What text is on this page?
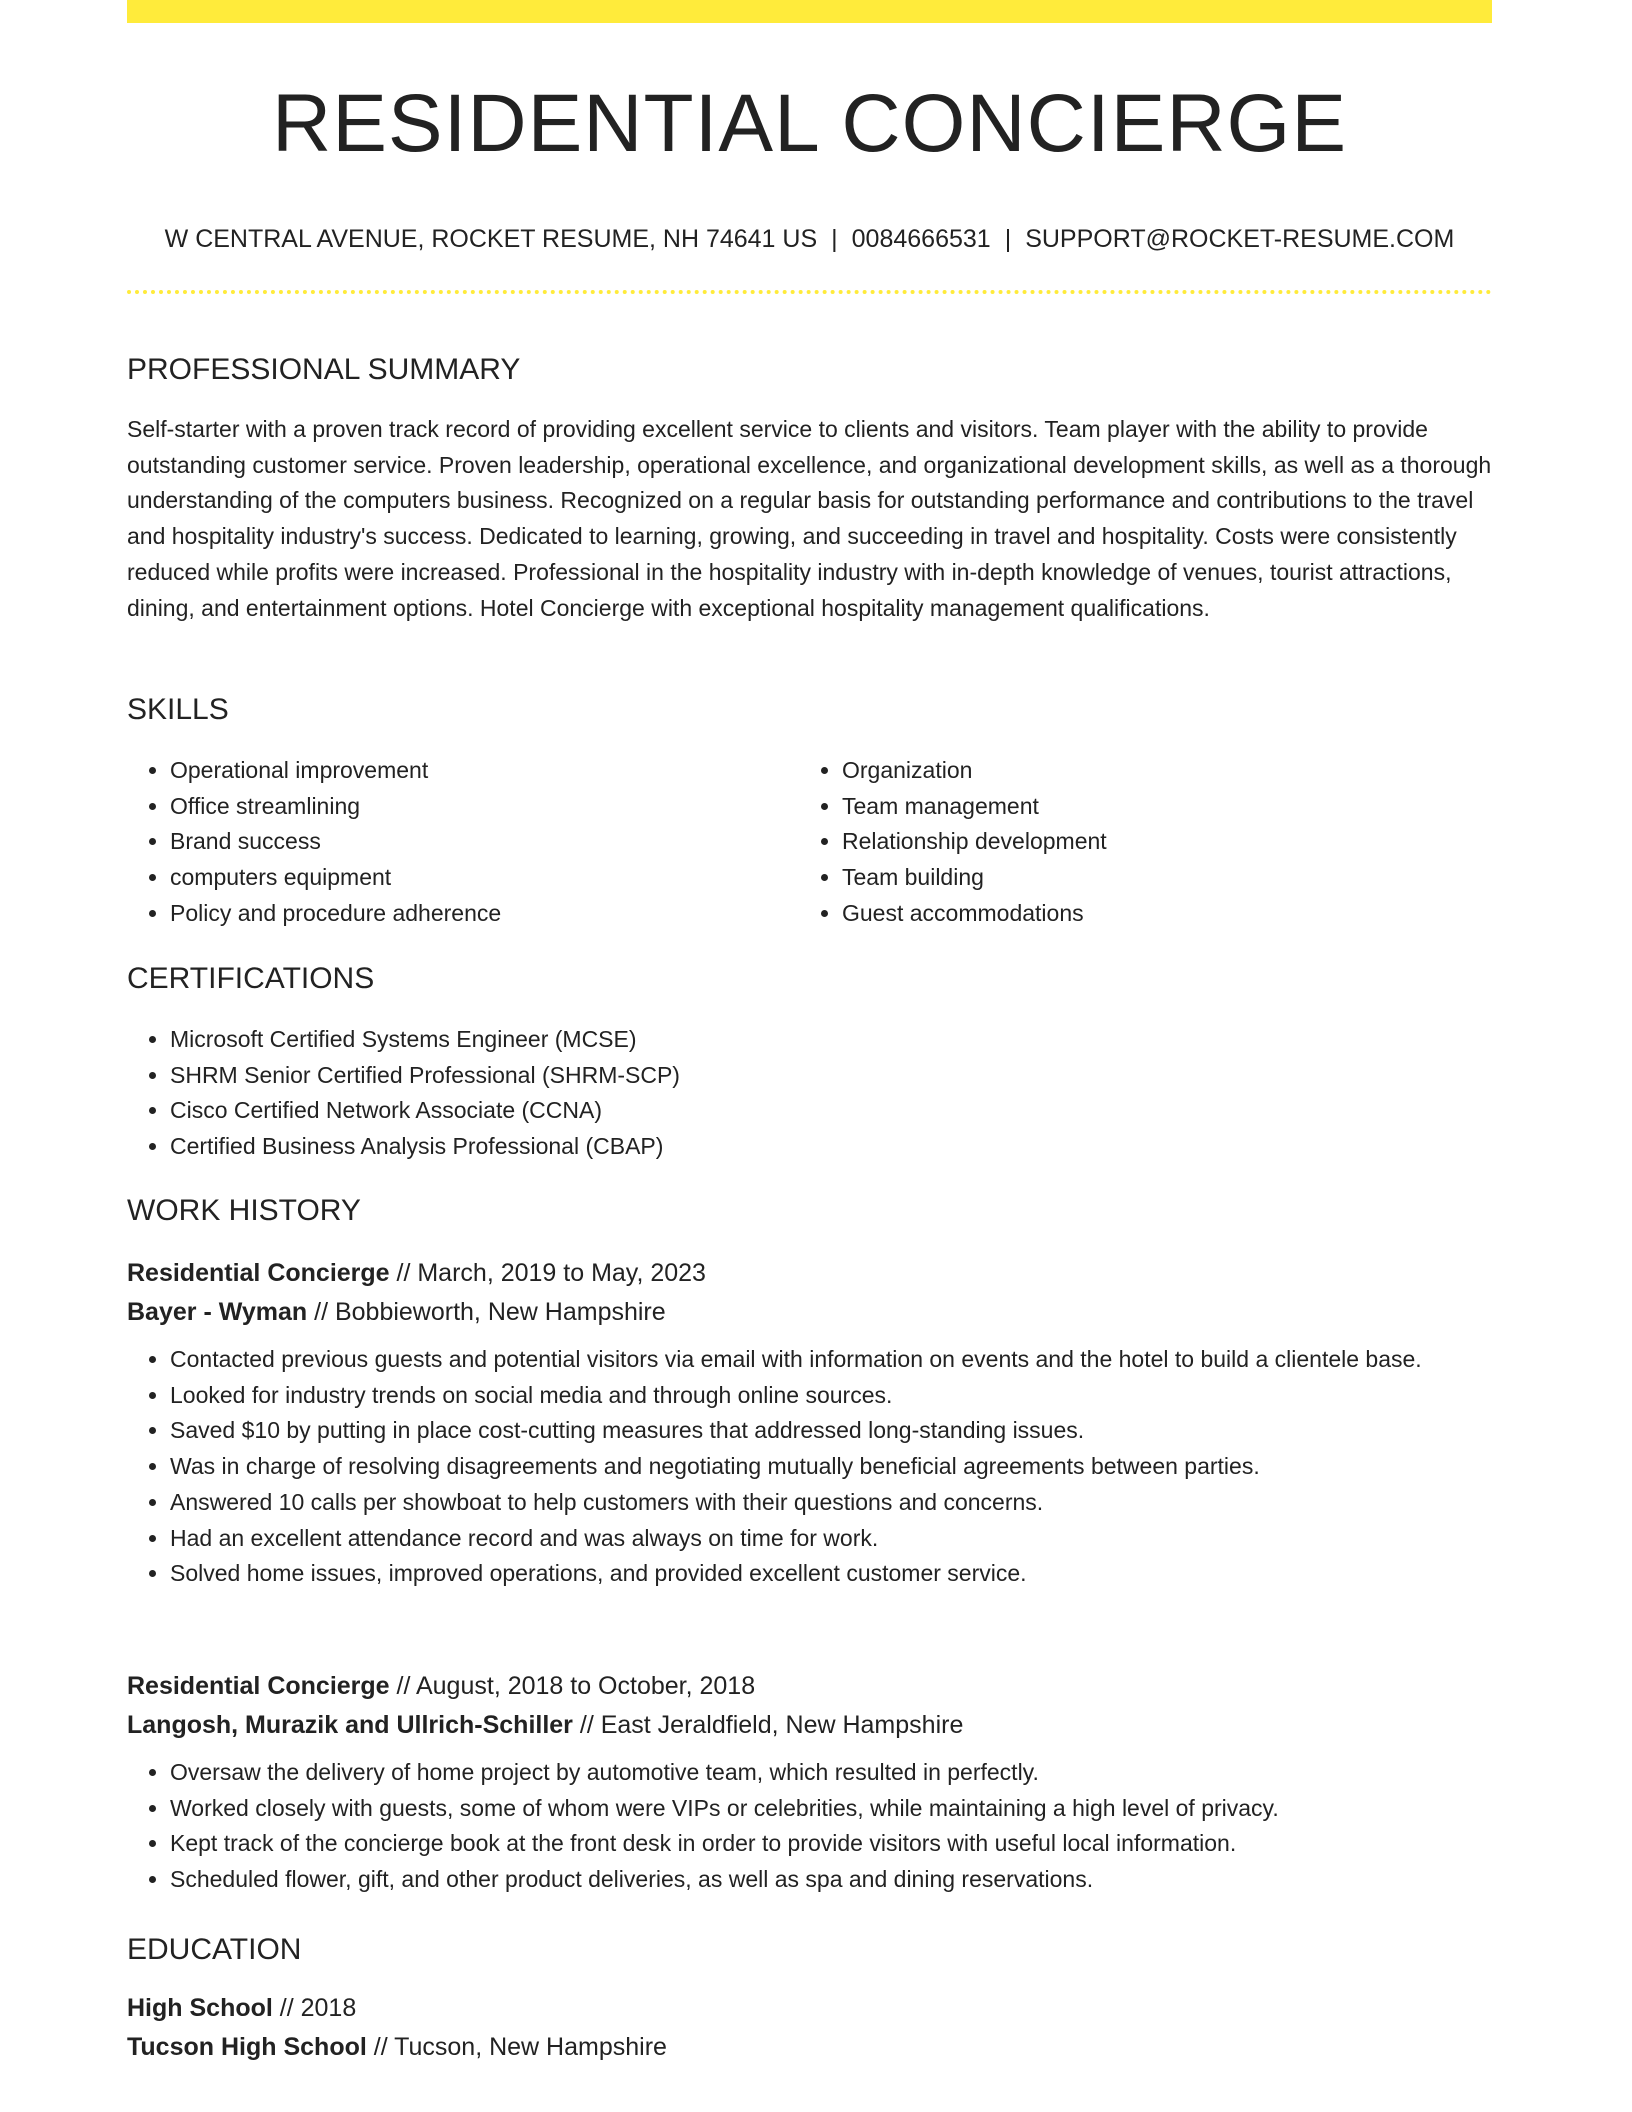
RESIDENTIAL CONCIERGE
W CENTRAL AVENUE, ROCKET RESUME, NH 74641 US | 0084666531 | SUPPORT@ROCKET-RESUME.COM
PROFESSIONAL SUMMARY

Self-starter with a proven track record of providing excellent service to clients and visitors. Team player with the ability to provide outstanding customer service. Proven leadership, operational excellence, and organizational development skills, as well as a thorough understanding of the computers business. Recognized on a regular basis for outstanding performance and contributions to the travel and hospitality industry's success. Dedicated to learning, growing, and succeeding in travel and hospitality. Costs were consistently reduced while profits were increased. Professional in the hospitality industry with in-depth knowledge of venues, tourist attractions, dining, and entertainment options. Hotel Concierge with exceptional hospitality management qualifications.

SKILLS
• Operational improvement
• Office streamlining
• Brand success
• computers equipment
• Policy and procedure adherence
• Organization
• Team management
• Relationship development
• Team building
• Guest accommodations
CERTIFICATIONS
• Microsoft Certified Systems Engineer (MCSE)
• SHRM Senior Certified Professional (SHRM-SCP)
• Cisco Certified Network Associate (CCNA)
• Certified Business Analysis Professional (CBAP)
WORK HISTORY

Residential Concierge // March, 2019 to May, 2023

Bayer - Wyman // Bobbieworth, New Hampshire

• Contacted previous guests and potential visitors via email with information on events and the hotel to build a clientele base.
• Looked for industry trends on social media and through online sources.
• Saved $10 by putting in place cost-cutting measures that addressed long-standing issues.
• Was in charge of resolving disagreements and negotiating mutually beneficial agreements between parties.
• Answered 10 calls per showboat to help customers with their questions and concerns.
• Had an excellent attendance record and was always on time for work.
• Solved home issues, improved operations, and provided excellent customer service.

Residential Concierge // August, 2018 to October, 2018

Langosh, Murazik and Ullrich-Schiller // East Jeraldfield, New Hampshire

• Oversaw the delivery of home project by automotive team, which resulted in perfectly.
• Worked closely with guests, some of whom were VIPs or celebrities, while maintaining a high level of privacy.
• Kept track of the concierge book at the front desk in order to provide visitors with useful local information.
• Scheduled flower, gift, and other product deliveries, as well as spa and dining reservations.
EDUCATION

High School // 2018

Tucson High School // Tucson, New Hampshire
